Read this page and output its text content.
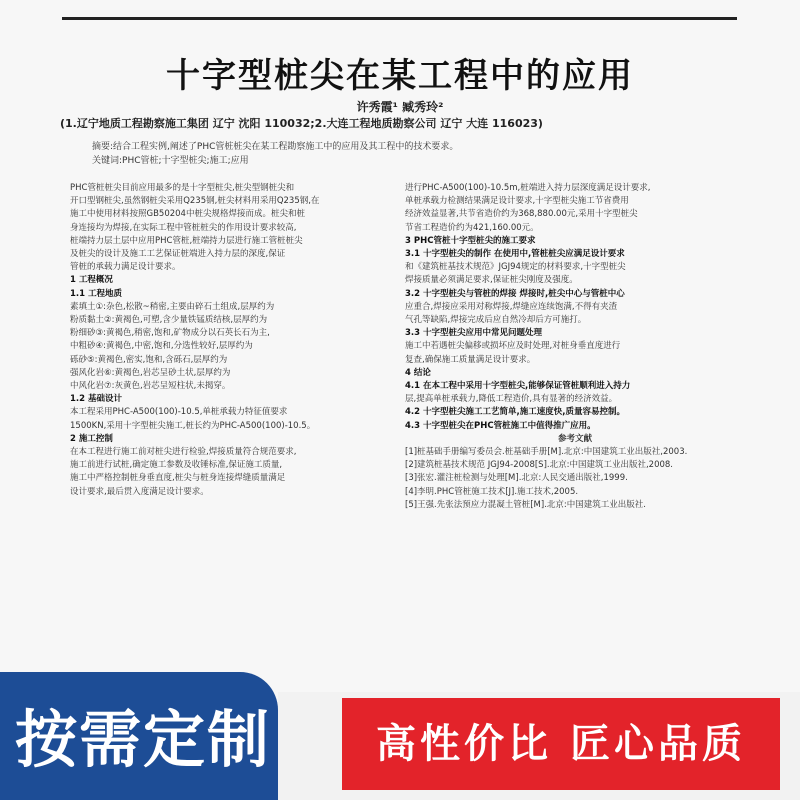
十字型桩尖在某工程中的应用
许秀霞¹ 臧秀玲²
(1.辽宁地质工程勘察施工集团 辽宁 沈阳 110032;2.大连工程地质勘察公司 辽宁 大连 116023)
摘要:结合工程实例,阐述了PHC管桩桩尖在某工程勘察施工中的应用及其工程中的技术要求。
关键词:PHC管桩;十字型桩尖;施工;应用

PHC管桩桩尖目前应用最多的是十字型桩尖,桩尖型钢桩尖和

开口型钢桩尖,虽然钢桩尖采用Q235钢,桩尖材料用采用Q235钢,在

施工中使用材料按照GB50204中桩尖规格焊接而成。桩尖和桩

身连接均为焊接,在实际工程中管桩桩尖的作用设计要求较高,

桩端持力层土层中应用PHC管桩,桩端持力层进行施工管桩桩尖

及桩尖的设计及施工工艺保证桩端进入持力层的深度,保证

管桩的承载力满足设计要求。

1 工程概况

1.1 工程地质

素填土①:杂色,松散~稍密,主要由碎石土组成,层厚约为

粉质黏土②:黄褐色,可塑,含少量铁锰质结核,层厚约为

粉细砂③:黄褐色,稍密,饱和,矿物成分以石英长石为主,

中粗砂④:黄褐色,中密,饱和,分选性较好,层厚约为

砾砂⑤:黄褐色,密实,饱和,含砾石,层厚约为

强风化岩⑥:黄褐色,岩芯呈砂土状,层厚约为

中风化岩⑦:灰黄色,岩芯呈短柱状,未揭穿。

1.2 基础设计

本工程采用PHC-A500(100)-10.5,单桩承载力特征值要求

1500KN,采用十字型桩尖施工,桩长约为PHC-A500(100)-10.5。

2 施工控制

在本工程进行施工前对桩尖进行检验,焊接质量符合规范要求,

施工前进行试桩,确定施工参数及收锤标准,保证施工质量,

施工中严格控制桩身垂直度,桩尖与桩身连接焊缝质量满足

设计要求,最后贯入度满足设计要求。

进行PHC-A500(100)-10.5m,桩端进入持力层深度满足设计要求,

单桩承载力检测结果满足设计要求,十字型桩尖施工节省费用

经济效益显著,共节省造价约为368,880.00元,采用十字型桩尖

节省工程造价约为421,160.00元。

3 PHC管桩十字型桩尖的施工要求

3.1 十字型桩尖的制作 在使用中,管桩桩尖应满足设计要求

和《建筑桩基技术规范》JGJ94规定的材料要求,十字型桩尖

焊接质量必须满足要求,保证桩尖刚度及强度。

3.2 十字型桩尖与管桩的焊接 焊接时,桩尖中心与管桩中心

应重合,焊接应采用对称焊接,焊缝应连续饱满,不得有夹渣

气孔等缺陷,焊接完成后应自然冷却后方可施打。

3.3 十字型桩尖应用中常见问题处理

施工中若遇桩尖偏移或损坏应及时处理,对桩身垂直度进行

复查,确保施工质量满足设计要求。

4 结论

4.1 在本工程中采用十字型桩尖,能够保证管桩顺利进入持力

层,提高单桩承载力,降低工程造价,具有显著的经济效益。

4.2 十字型桩尖施工工艺简单,施工速度快,质量容易控制。

4.3 十字型桩尖在PHC管桩施工中值得推广应用。

参考文献

[1]桩基础手册编写委员会.桩基础手册[M].北京:中国建筑工业出版社,2003.

[2]建筑桩基技术规范 JGJ94-2008[S].北京:中国建筑工业出版社,2008.

[3]张宏.灌注桩检测与处理[M].北京:人民交通出版社,1999.

[4]李明.PHC管桩施工技术[J].施工技术,2005.

[5]王强.先张法预应力混凝土管桩[M].北京:中国建筑工业出版社.

按需定制	高性价比 匠心品质
